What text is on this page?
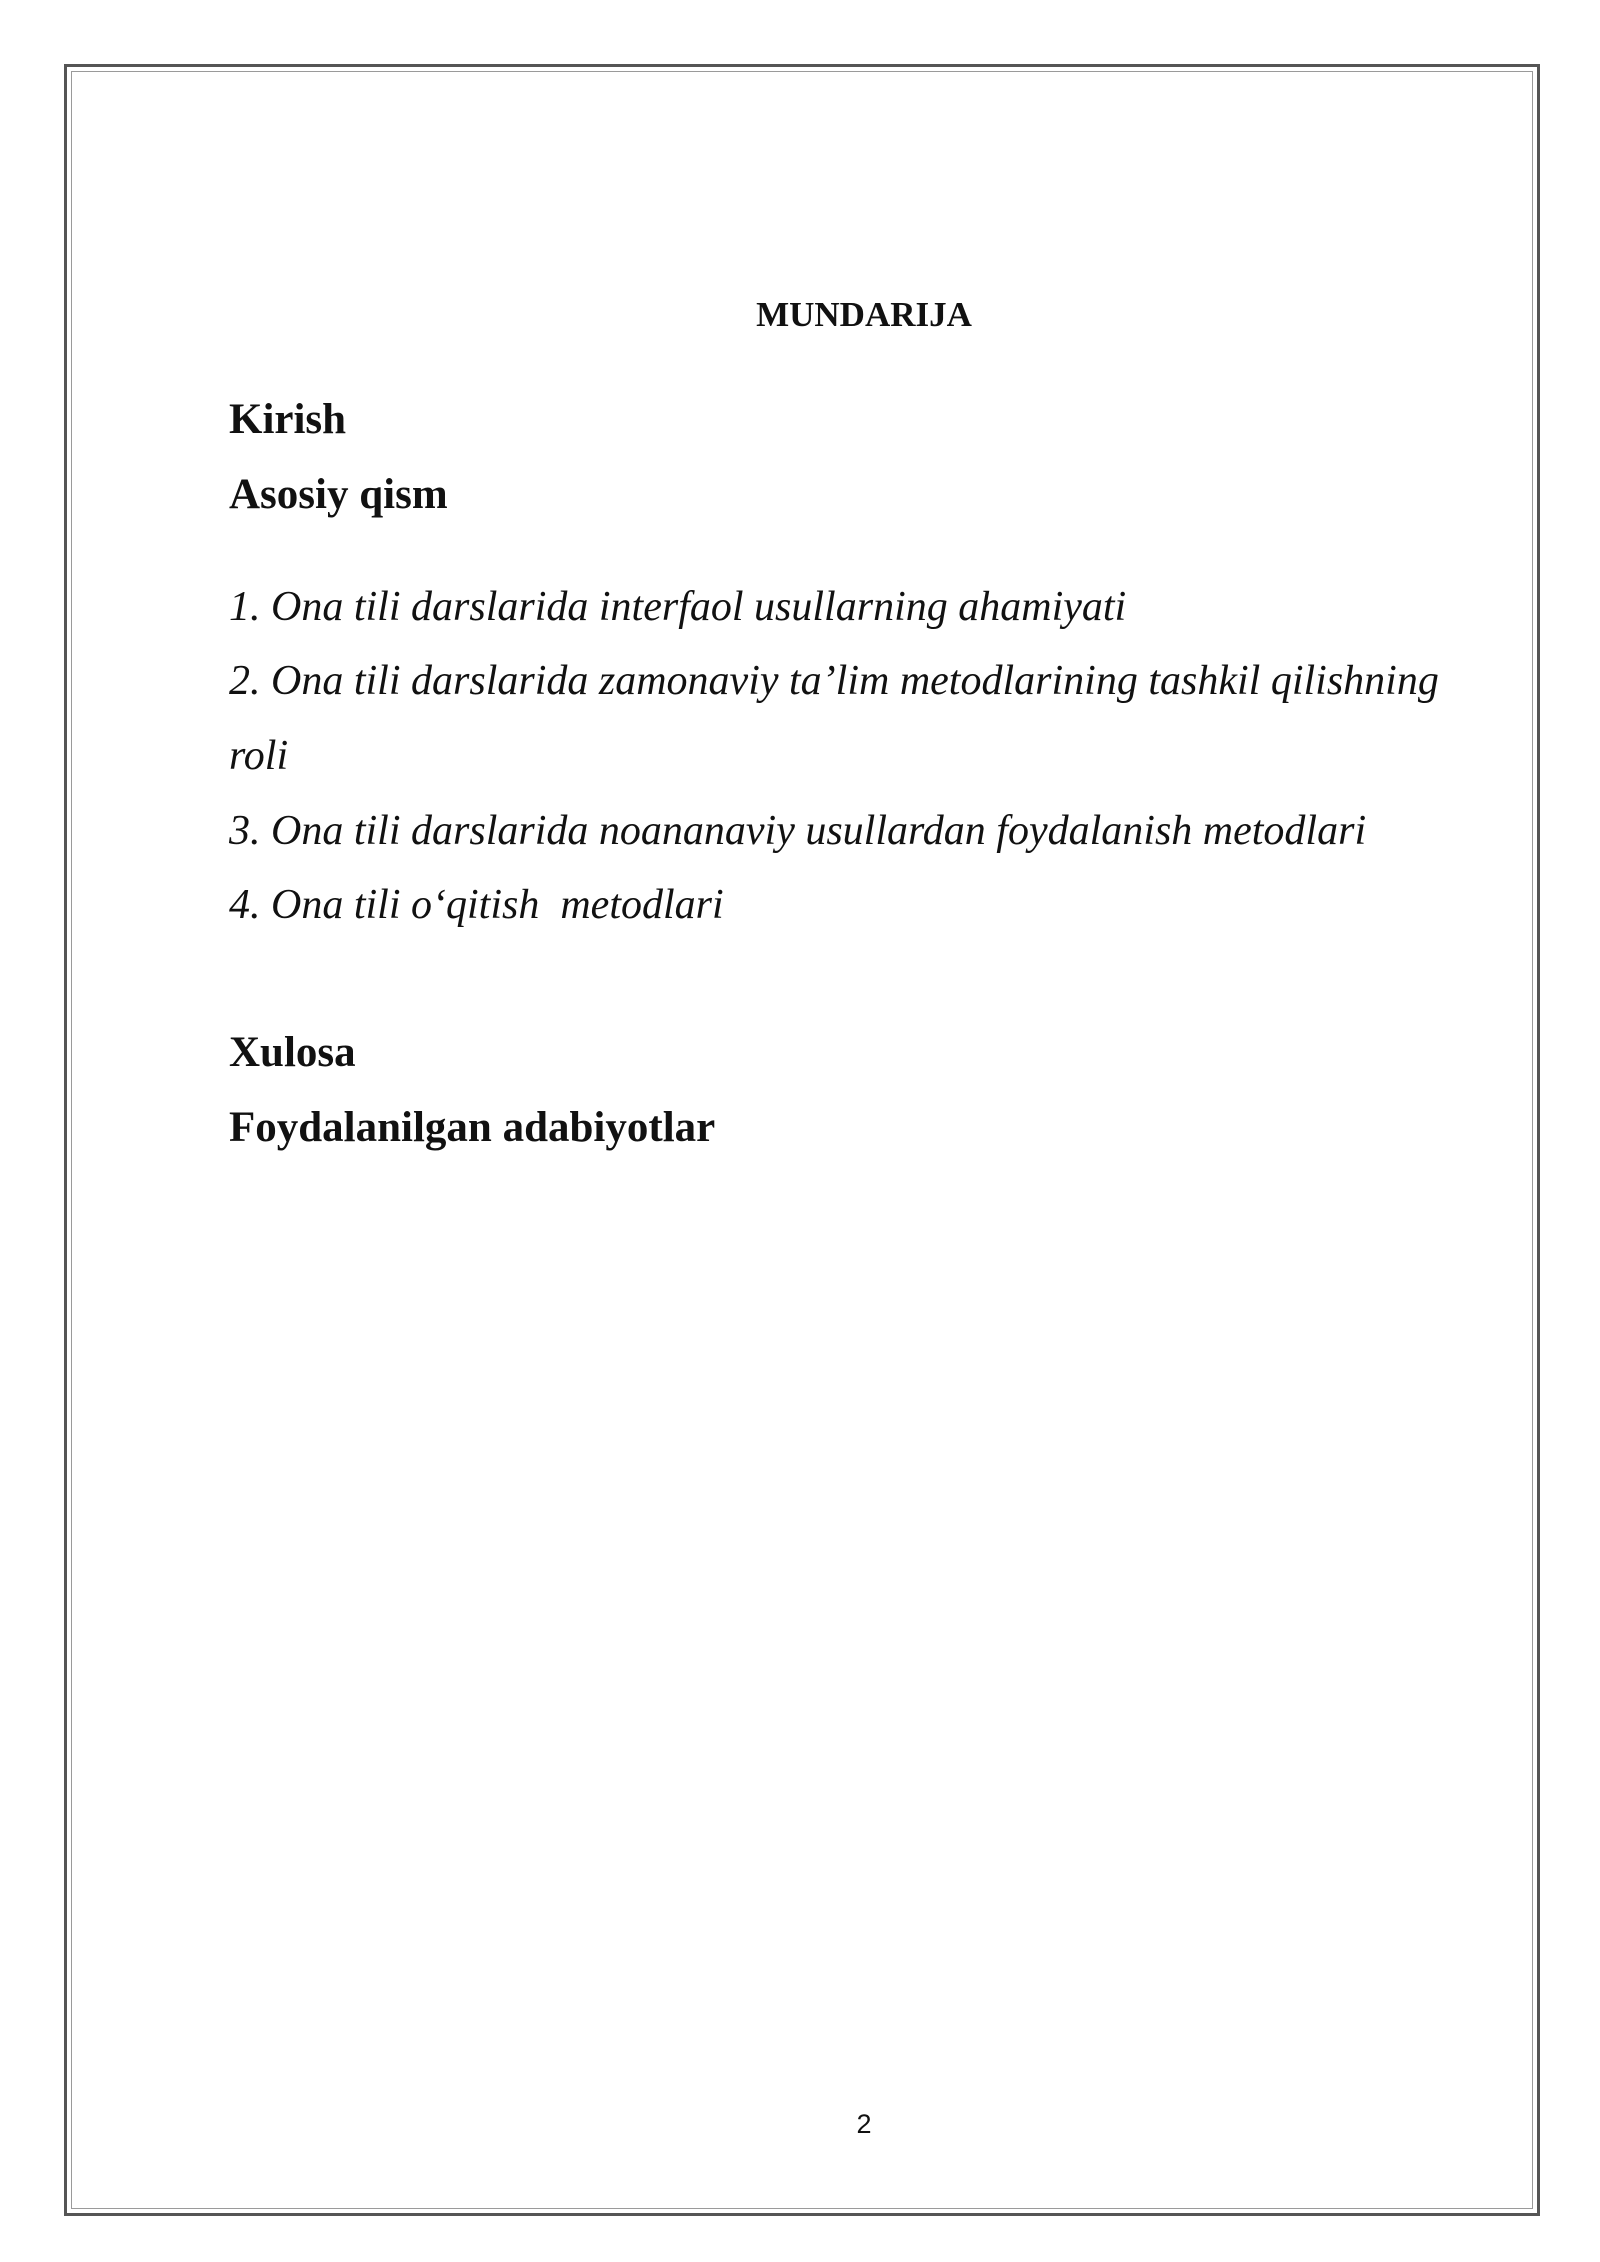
MUNDARIJA

Kirish

Asosiy qism

1. Ona tili darslarida interfaol usullarning ahamiyati

2. Ona tili darslarida zamonaviy ta’lim metodlarining tashkil qilishning

roli

3. Ona tili darslarida noananaviy usullardan foydalanish metodlari

4. Ona tili o‘qitish  metodlari

Xulosa

Foydalanilgan adabiyotlar

2
